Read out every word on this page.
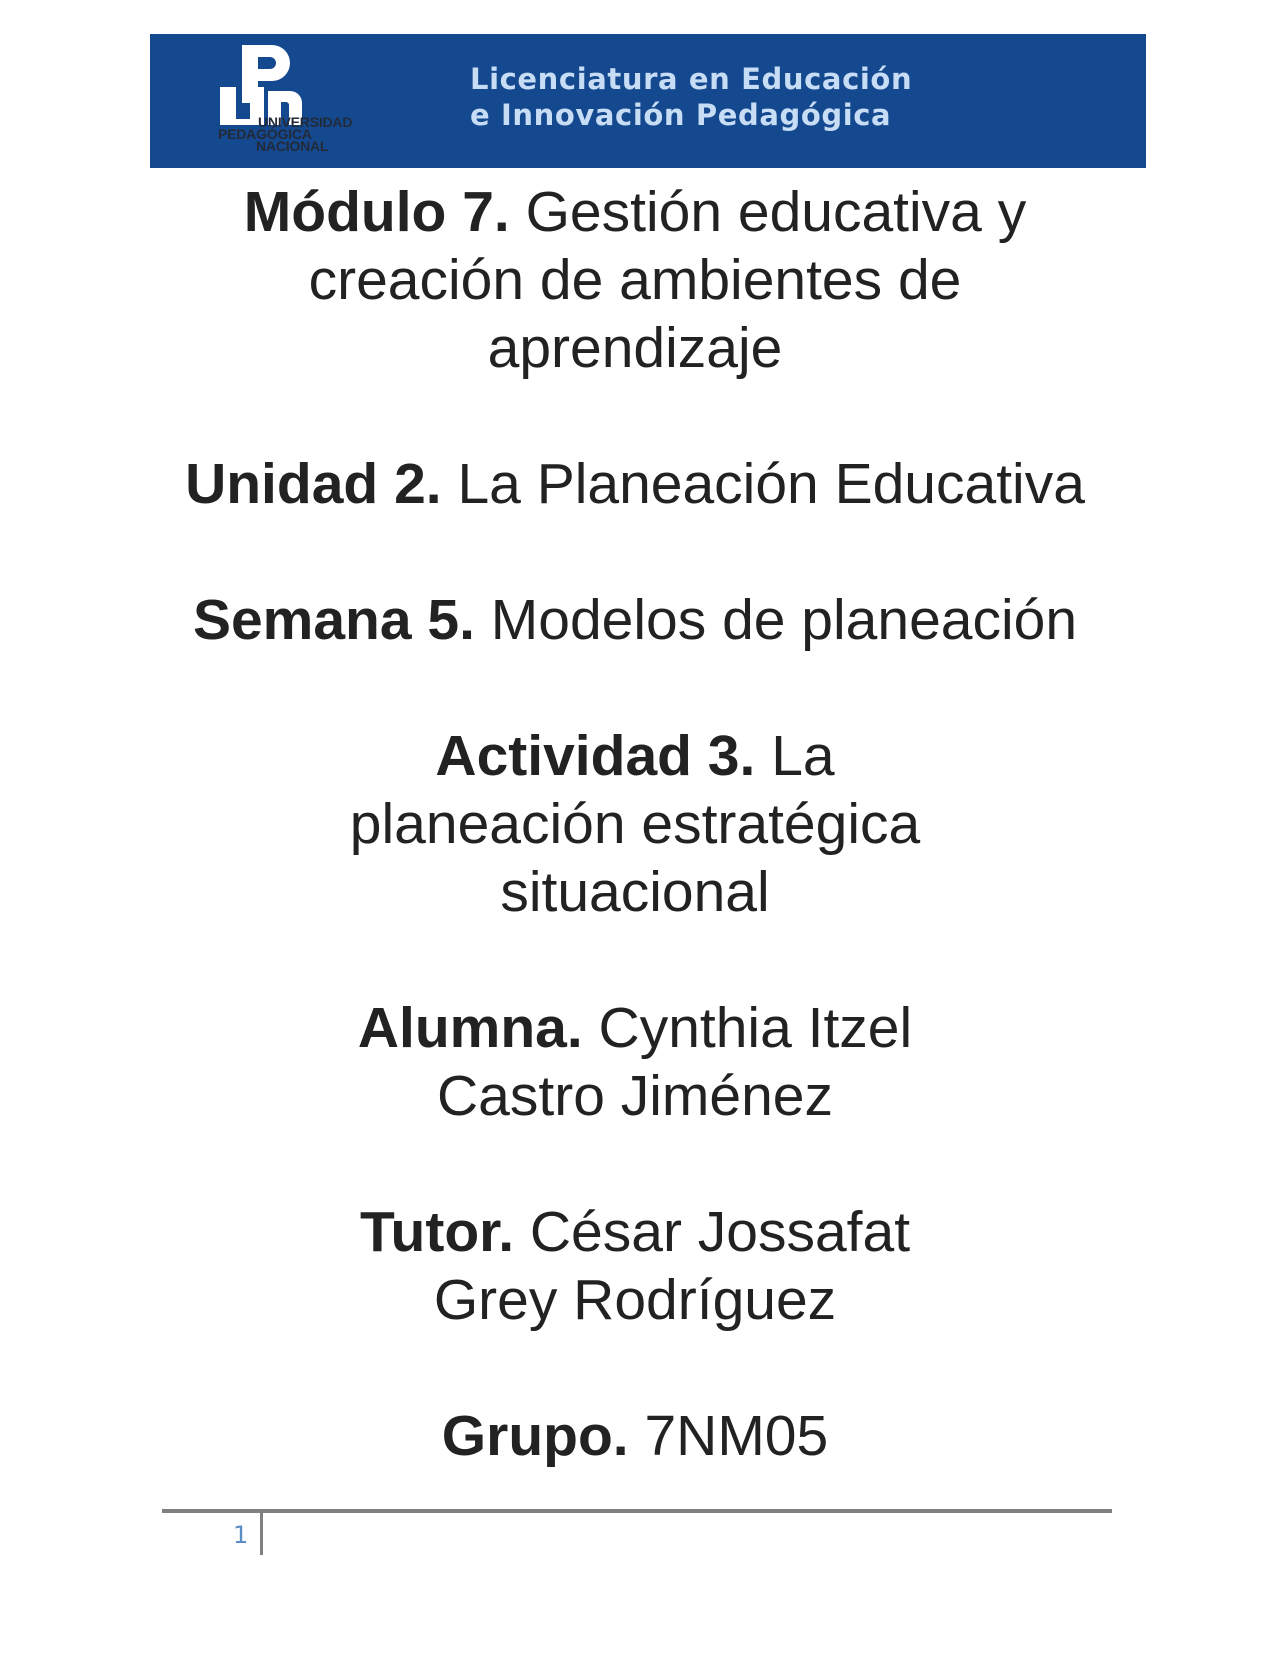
UNIVERSIDAD
PEDAGÓGICA
NACIONAL
Licenciatura en Educación
e Innovación Pedagógica
Módulo 7. Gestión educativa y creación de ambientes de aprendizaje
Unidad 2. La Planeación Educativa
Semana 5. Modelos de planeación
Actividad 3. La planeación estratégica situacional
Alumna. Cynthia Itzel Castro Jiménez
Tutor. César Jossafat Grey Rodríguez
Grupo. 7NM05
1
